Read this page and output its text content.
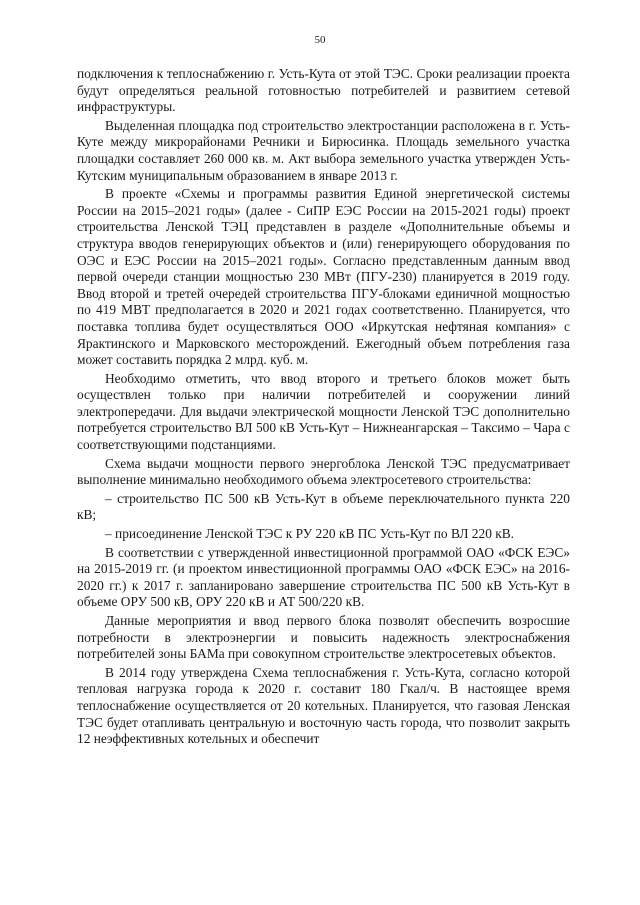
50

подключения к теплоснабжению г. Усть-Кута от этой ТЭС. Сроки реализации проекта будут определяться реальной готовностью потребителей и развитием сетевой инфраструктуры.

Выделенная площадка под строительство электростанции расположена в г. Усть-Куте между микрорайонами Речники и Бирюсинка. Площадь земельного участка площадки составляет 260 000 кв. м. Акт выбора земельного участка утвержден Усть-Кутским муниципальным образованием в январе 2013 г.

В проекте «Схемы и программы развития Единой энергетической системы России на 2015–2021 годы» (далее - СиПР ЕЭС России на 2015-2021 годы) проект строительства Ленской ТЭЦ представлен в разделе «Дополнительные объемы и структура вводов генерирующих объектов и (или) генерирующего оборудования по ОЭС и ЕЭС России на 2015–2021 годы». Согласно представленным данным ввод первой очереди станции мощностью 230 МВт (ПГУ-230) планируется в 2019 году. Ввод второй и третей очередей строительства ПГУ-блоками единичной мощностью по 419 МВТ предполагается в 2020 и 2021 годах соответственно. Планируется, что поставка топлива будет осуществляться ООО «Иркутская нефтяная компания» с Ярактинского и Марковского месторождений. Ежегодный объем потребления газа может составить порядка 2 млрд. куб. м.

Необходимо отметить, что ввод второго и третьего блоков может быть осуществлен только при наличии потребителей и сооружении линий электропередачи. Для выдачи электрической мощности Ленской ТЭС дополнительно потребуется строительство ВЛ 500 кВ Усть-Кут – Нижнеангарская – Таксимо – Чара с соответствующими подстанциями.

Схема выдачи мощности первого энергоблока Ленской ТЭС предусматривает выполнение минимально необходимого объема электросетевого строительства:

– строительство ПС 500 кВ Усть-Кут в объеме переключательного пункта 220 кВ;

– присоединение Ленской ТЭС к РУ 220 кВ ПС Усть-Кут по ВЛ 220 кВ.

В соответствии с утвержденной инвестиционной программой ОАО «ФСК ЕЭС» на 2015-2019 гг. (и проектом инвестиционной программы ОАО «ФСК ЕЭС» на 2016-2020 гг.) к 2017 г. запланировано завершение строительства ПС 500 кВ Усть-Кут в объеме ОРУ 500 кВ, ОРУ 220 кВ и АТ 500/220 кВ.

Данные мероприятия и ввод первого блока позволят обеспечить возросшие потребности в электроэнергии и повысить надежность электроснабжения потребителей зоны БАМа при совокупном строительстве электросетевых объектов.

В 2014 году утверждена Схема теплоснабжения г. Усть-Кута, согласно которой тепловая нагрузка города к 2020 г. составит 180 Гкал/ч. В настоящее время теплоснабжение осуществляется от 20 котельных. Планируется, что газовая Ленская ТЭС будет отапливать центральную и восточную часть города, что позволит закрыть 12 неэффективных котельных и обеспечит
